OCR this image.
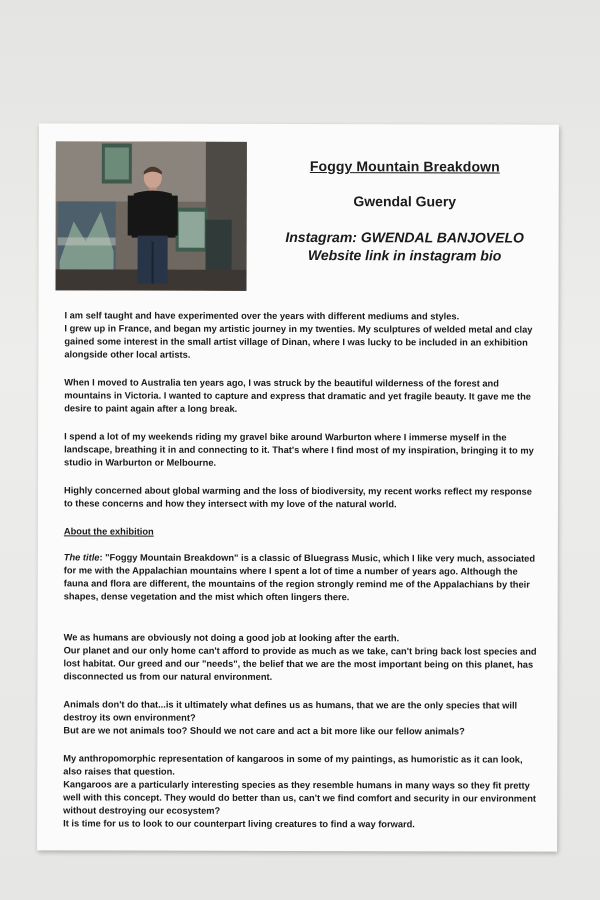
Foggy Mountain Breakdown
Gwendal Guery
Instagram: GWENDAL BANJOVELO
Website link in instagram bio

I am self taught and have experimented over the years with different mediums and styles.

I grew up in France, and began my artistic journey in my twenties. My sculptures of welded metal and clay gained some interest in the small artist village of Dinan, where I was lucky to be included in an exhibition alongside other local artists.

When I moved to Australia ten years ago, I was struck by the beautiful wilderness of the forest and mountains in Victoria. I wanted to capture and express that dramatic and yet fragile beauty. It gave me the desire to paint again after a long break.

I spend a lot of my weekends riding my gravel bike around Warburton where I immerse myself in the landscape, breathing it in and connecting to it. That's where I find most of my inspiration, bringing it to my studio in Warburton or Melbourne.

Highly concerned about global warming and the loss of biodiversity, my recent works reflect my response to these concerns and how they intersect with my love of the natural world.

About the exhibition

The title: "Foggy Mountain Breakdown" is a classic of Bluegrass Music, which I like very much, associated for me with the Appalachian mountains where I spent a lot of time a number of years ago. Although the fauna and flora are different, the mountains of the region strongly remind me of the Appalachians by their shapes, dense vegetation and the mist which often lingers there.

We as humans are obviously not doing a good job at looking after the earth.

Our planet and our only home can't afford to provide as much as we take, can't bring back lost species and lost habitat. Our greed and our "needs", the belief that we are the most important being on this planet, has disconnected us from our natural environment.

Animals don't do that...is it ultimately what defines us as humans, that we are the only species that will destroy its own environment?

But are we not animals too? Should we not care and act a bit more like our fellow animals?

My anthropomorphic representation of kangaroos in some of my paintings, as humoristic as it can look, also raises that question.

Kangaroos are a particularly interesting species as they resemble humans in many ways so they fit pretty well with this concept. They would do better than us, can't we find comfort and security in our environment without destroying our ecosystem?

It is time for us to look to our counterpart living creatures to find a way forward.
